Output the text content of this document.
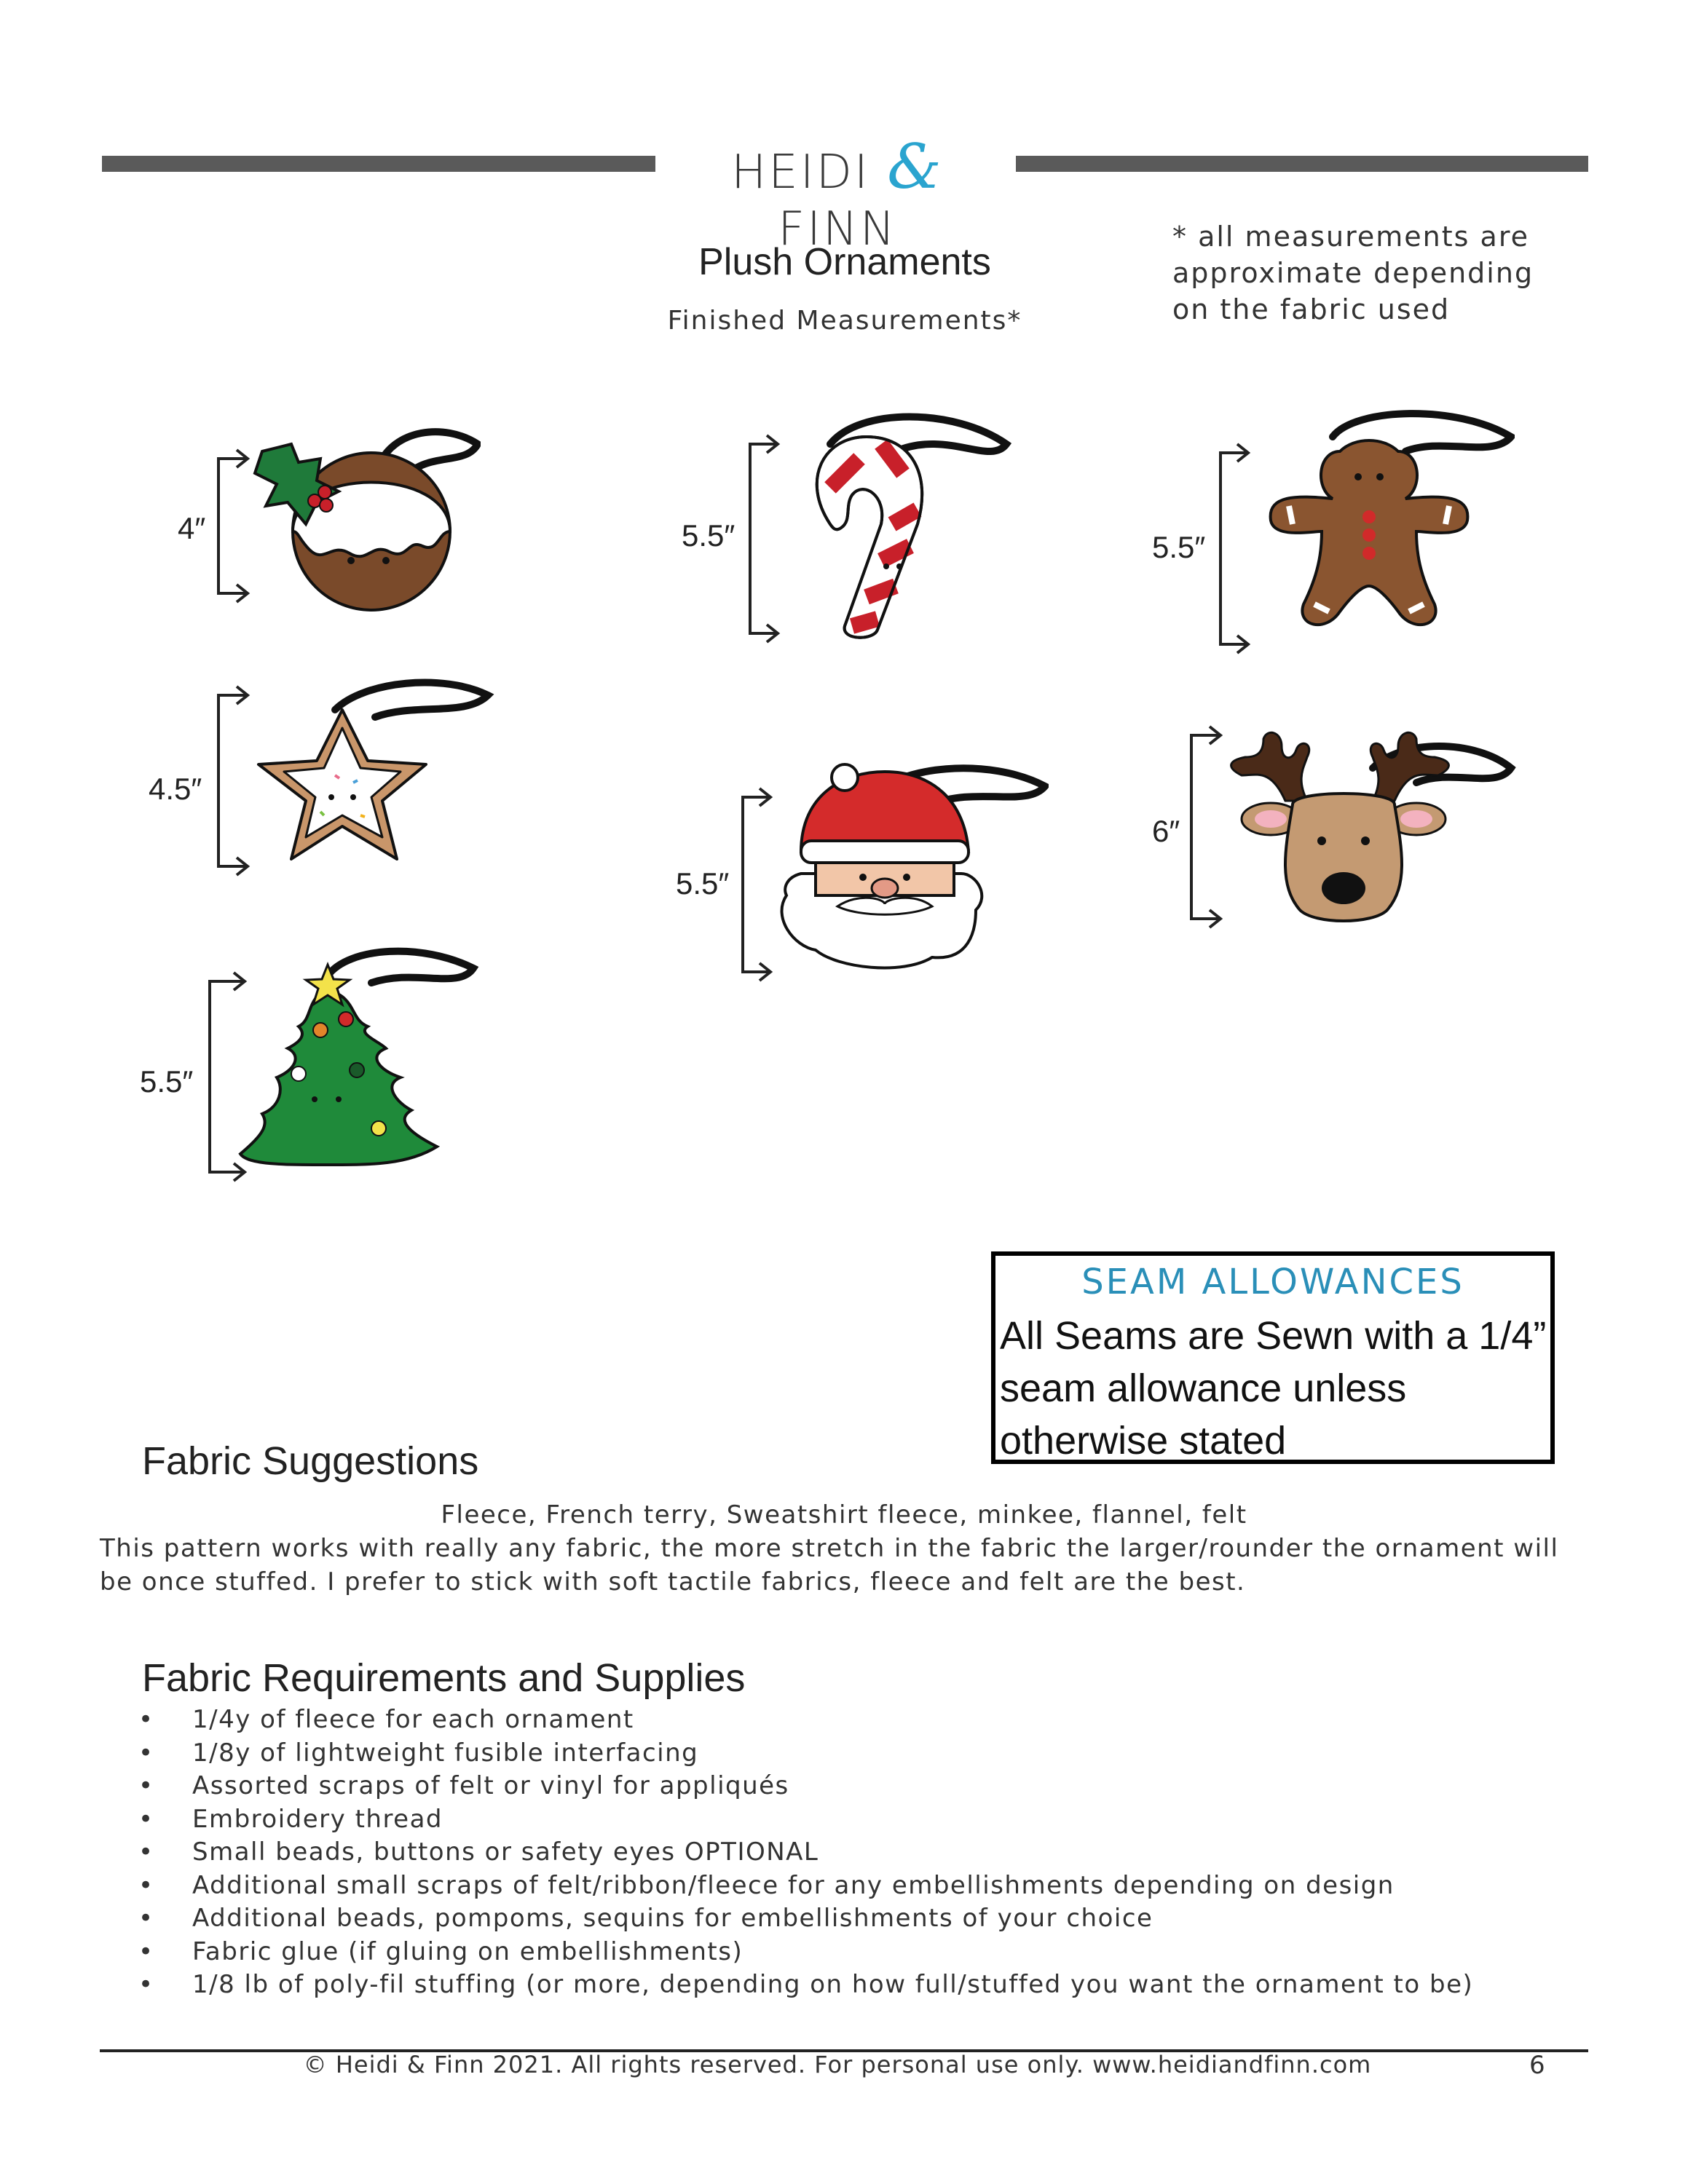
HEIDI & FINN
Plush Ornaments
Finished Measurements*
* all measurements are approximate depending on the fabric used
4″	5.5″	5.5″
4.5″
5.5″
6″
5.5″
SEAM ALLOWANCES
All Seams are Sewn with a 1/4” seam allowance unless otherwise stated
Fabric Suggestions
Fleece, French terry, Sweatshirt fleece, minkee, flannel, felt
This pattern works with really any fabric, the more stretch in the fabric the larger/rounder the ornament will be once stuffed. I prefer to stick with soft tactile fabrics, fleece and felt are the best.
Fabric Requirements and Supplies
• 1/4y of fleece for each ornament
• 1/8y of lightweight fusible interfacing
• Assorted scraps of felt or vinyl for appliqués
• Embroidery thread
• Small beads, buttons or safety eyes OPTIONAL
• Additional small scraps of felt/ribbon/fleece for any embellishments depending on design
• Additional beads, pompoms, sequins for embellishments of your choice
• Fabric glue (if gluing on embellishments)
• 1/8 lb of poly-fil stuffing (or more, depending on how full/stuffed you want the ornament to be)
© Heidi & Finn 2021. All rights reserved. For personal use only. www.heidiandfinn.com	6
